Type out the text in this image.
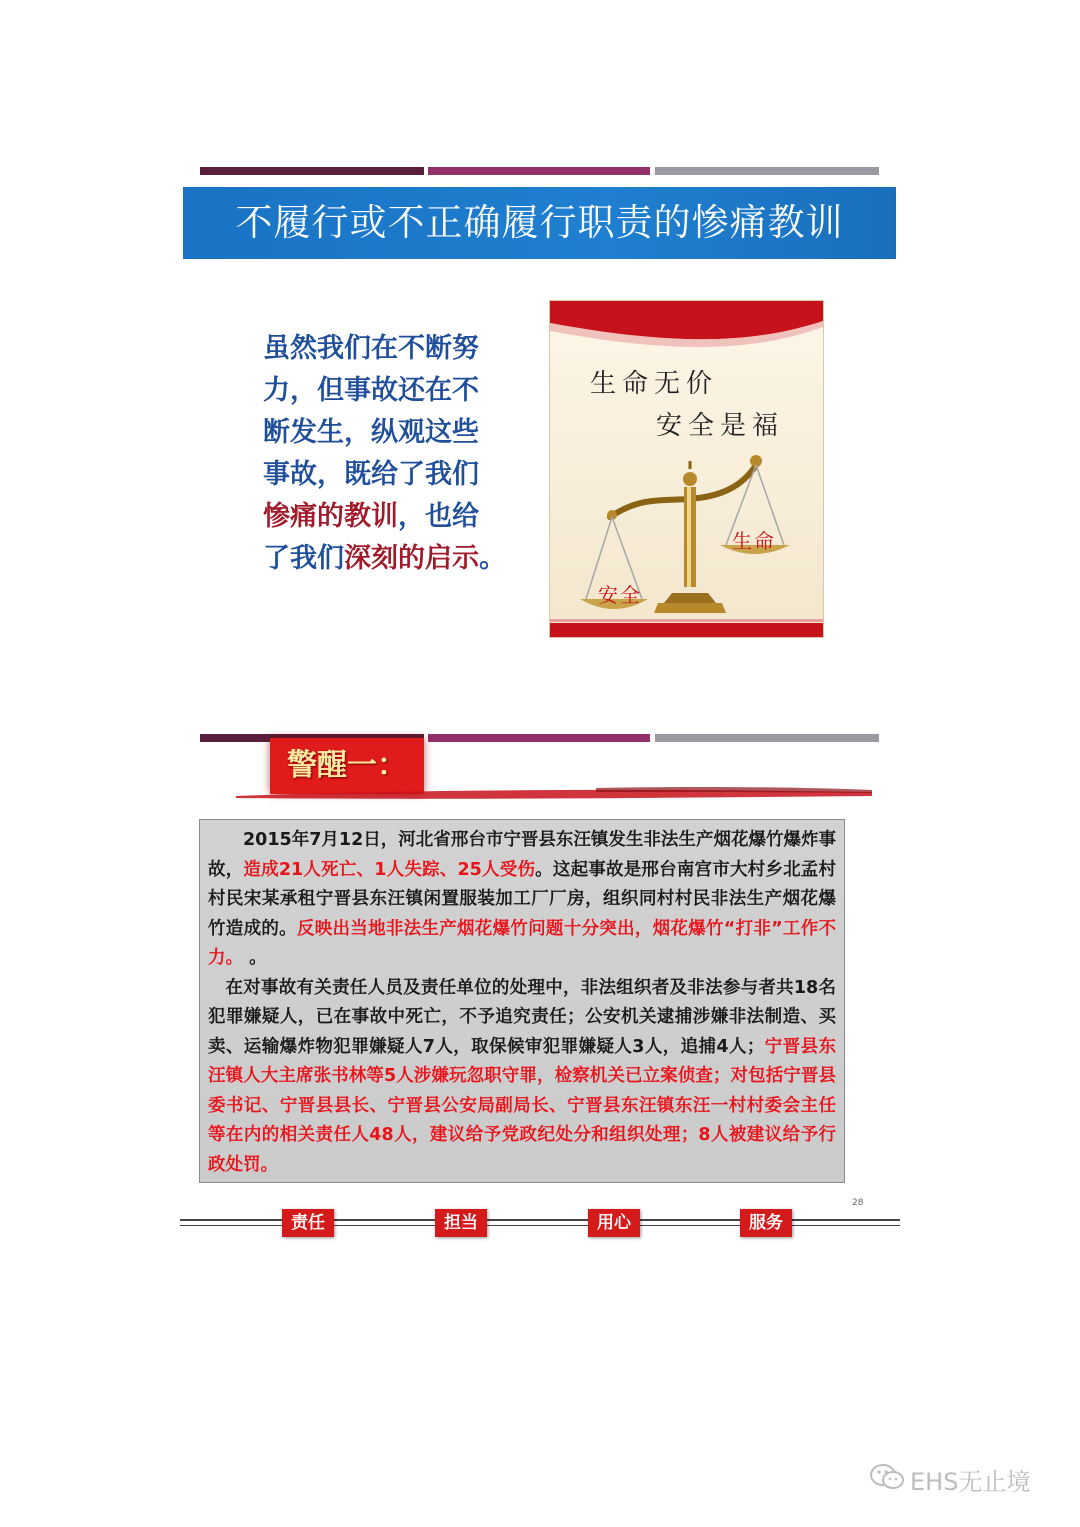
不履行或不正确履行职责的惨痛教训
虽然我们在不断努
力，但事故还在不
断发生，纵观这些
事故，既给了我们
惨痛的教训，也给
了我们深刻的启示。
生命无价
安全是福
安全
生命
警醒一：

2015年7月12日，河北省邢台市宁晋县东汪镇发生非法生产烟花爆竹爆炸事故，造成21人死亡、1人失踪、25人受伤。这起事故是邢台南宫市大村乡北孟村村民宋某承租宁晋县东汪镇闲置服装加工厂厂房，组织同村村民非法生产烟花爆竹造成的。反映出当地非法生产烟花爆竹问题十分突出，烟花爆竹“打非”工作不力。 。

在对事故有关责任人员及责任单位的处理中，非法组织者及非法参与者共18名犯罪嫌疑人，已在事故中死亡，不予追究责任；公安机关逮捕涉嫌非法制造、买卖、运输爆炸物犯罪嫌疑人7人，取保候审犯罪嫌疑人3人，追捕4人；宁晋县东汪镇人大主席张书林等5人涉嫌玩忽职守罪，检察机关已立案侦查；对包括宁晋县委书记、宁晋县县长、宁晋县公安局副局长、宁晋县东汪镇东汪一村村委会主任等在内的相关责任人48人，建议给予党政纪处分和组织处理；8人被建议给予行政处罚。

28
责任	担当	用心	服务
EHS无止境
